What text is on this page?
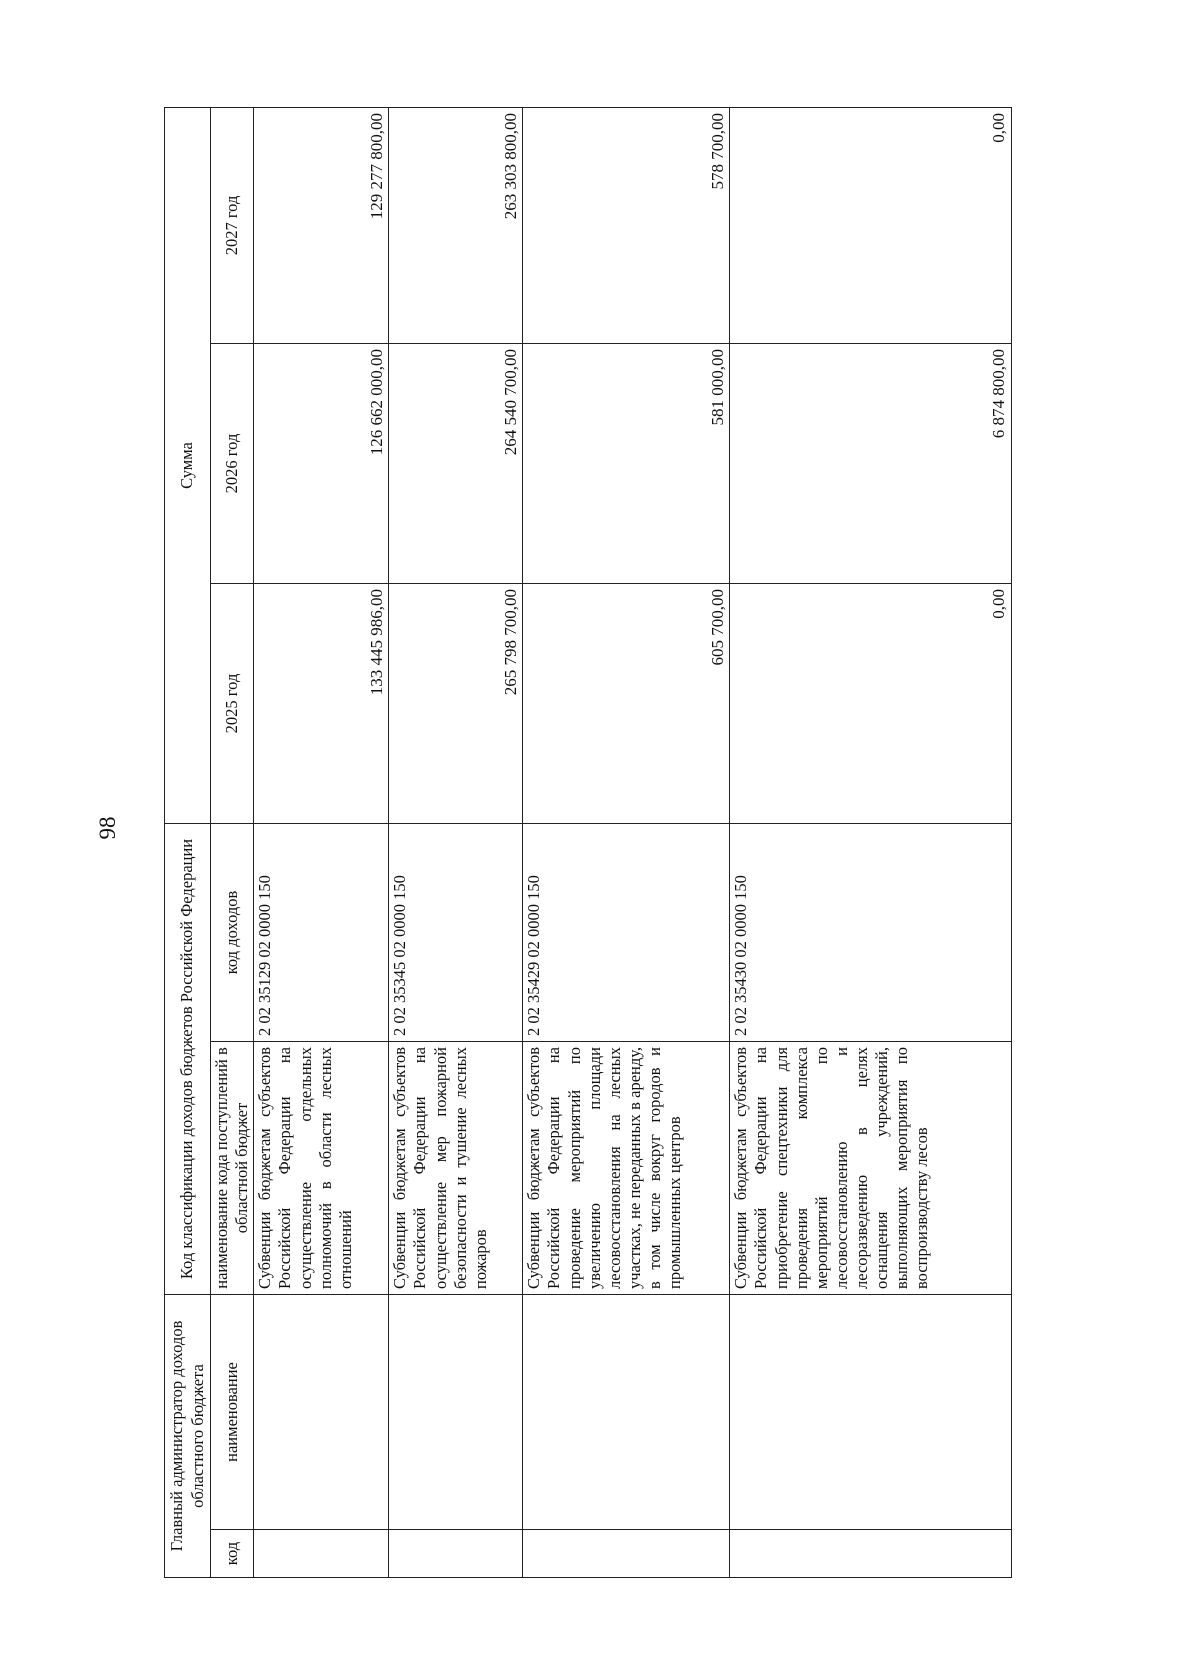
98
Главный администратор доходов областного бюджета		Код классификации доходов бюджетов Российской Федерации		Сумма		
код	наименование	наименование кода поступлений в областной бюджет	код доходов	2025 год	2026 год	2027 год
		Субвенции бюджетам субъектов Российской Федерации на осуществление отдельных полномочий в области лесных отношений	2 02 35129 02 0000 150	133 445 986,00	126 662 000,00	129 277 800,00
		Субвенции бюджетам субъектов Российской Федерации на осуществление мер пожарной безопасности и тушение лесных пожаров	2 02 35345 02 0000 150	265 798 700,00	264 540 700,00	263 303 800,00
		Субвенции бюджетам субъектов Российской Федерации на проведение мероприятий по увеличению площади лесовосстановления на лесных участках, не переданных в аренду, в том числе вокруг городов и промышленных центров	2 02 35429 02 0000 150	605 700,00	581 000,00	578 700,00
		Субвенции бюджетам субъектов Российской Федерации на приобретение спецтехники для проведения комплекса мероприятий по лесовосстановлению и лесоразведению в целях оснащения учреждений, выполняющих мероприятия по воспроизводству лесов	2 02 35430 02 0000 150	0,00	6 874 800,00	0,00
